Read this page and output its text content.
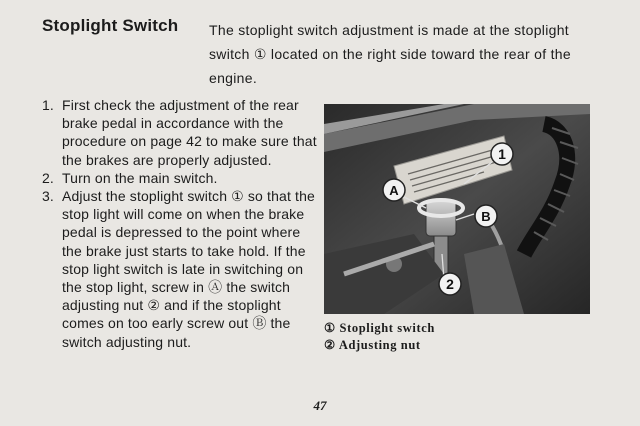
Stoplight Switch The stoplight switch adjustment is made at the stoplight switch ① located on the right side toward the rear of the engine.

1. First check the adjustment of the rear brake pedal in accordance with the procedure on page 42 to make sure that the brakes are properly adjusted.
2. Turn on the main switch.
3. Adjust the stoplight switch ① so that the stop light will come on when the brake pedal is depressed to the point where the brake just starts to take hold. If the stop light switch is late in switching on the stop light, screw in Ⓐ the switch adjusting nut ② and if the stoplight comes on too early screw out Ⓑ the switch adjusting nut.
1
B
A
2
① Stoplight switch
② Adjusting nut
47
